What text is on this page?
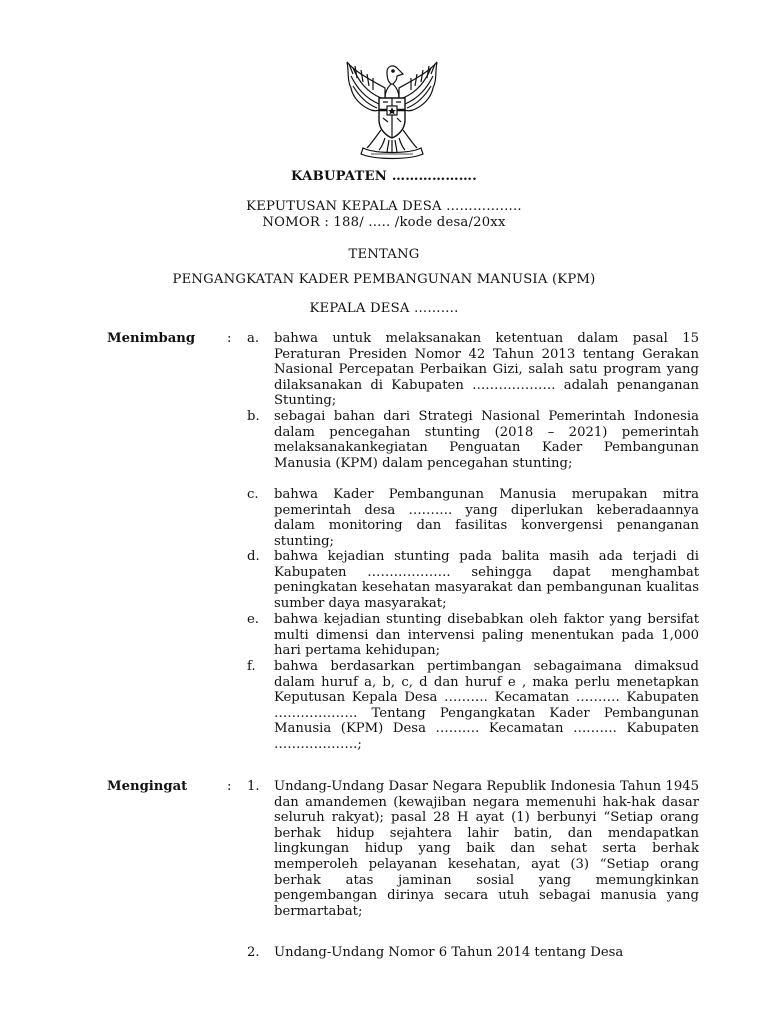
KABUPATEN ……………….
KEPUTUSAN KEPALA DESA ……………..
NOMOR : 188/ ….. /kode desa/20xx
TENTANG
PENGANGKATAN KADER PEMBANGUNAN MANUSIA (KPM)
KEPALA DESA ……….
Menimbang : a. bahwa untuk melaksanakan ketentuan dalam pasal 15 Peraturan Presiden Nomor 42 Tahun 2013 tentang Gerakan Nasional Percepatan Perbaikan Gizi, salah satu program yang dilaksanakan di Kabupaten ………………. adalah penanganan Stunting;
b. sebagai bahan dari Strategi Nasional Pemerintah Indonesia dalam pencegahan stunting (2018 – 2021) pemerintah melaksanakankegiatan Penguatan Kader Pembangunan Manusia (KPM) dalam pencegahan stunting;
c. bahwa Kader Pembangunan Manusia merupakan mitra pemerintah desa ………. yang diperlukan keberadaannya dalam monitoring dan fasilitas konvergensi penanganan stunting;
d. bahwa kejadian stunting pada balita masih ada terjadi di Kabupaten ………………. sehingga dapat menghambat peningkatan kesehatan masyarakat dan pembangunan kualitas sumber daya masyarakat;
e. bahwa kejadian stunting disebabkan oleh faktor yang bersifat multi dimensi dan intervensi paling menentukan pada 1,000 hari pertama kehidupan;
f. bahwa berdasarkan pertimbangan sebagaimana dimaksud dalam huruf a, b, c, d dan huruf e , maka perlu menetapkan Keputusan Kepala Desa ………. Kecamatan ………. Kabupaten ………………. Tentang Pengangkatan Kader Pembangunan Manusia (KPM) Desa ………. Kecamatan ………. Kabupaten ……………….;
Mengingat	: 1. Undang-Undang Dasar Negara Republik Indonesia Tahun 1945 dan amandemen (kewajiban negara memenuhi hak-hak dasar seluruh rakyat); pasal 28 H ayat (1) berbunyi “Setiap orang berhak hidup sejahtera lahir batin, dan mendapatkan lingkungan hidup yang baik dan sehat serta berhak memperoleh pelayanan kesehatan, ayat (3) “Setiap orang berhak atas jaminan sosial yang memungkinkan pengembangan dirinya secara utuh sebagai manusia yang bermartabat;
2. Undang-Undang Nomor 6 Tahun 2014 tentang Desa
